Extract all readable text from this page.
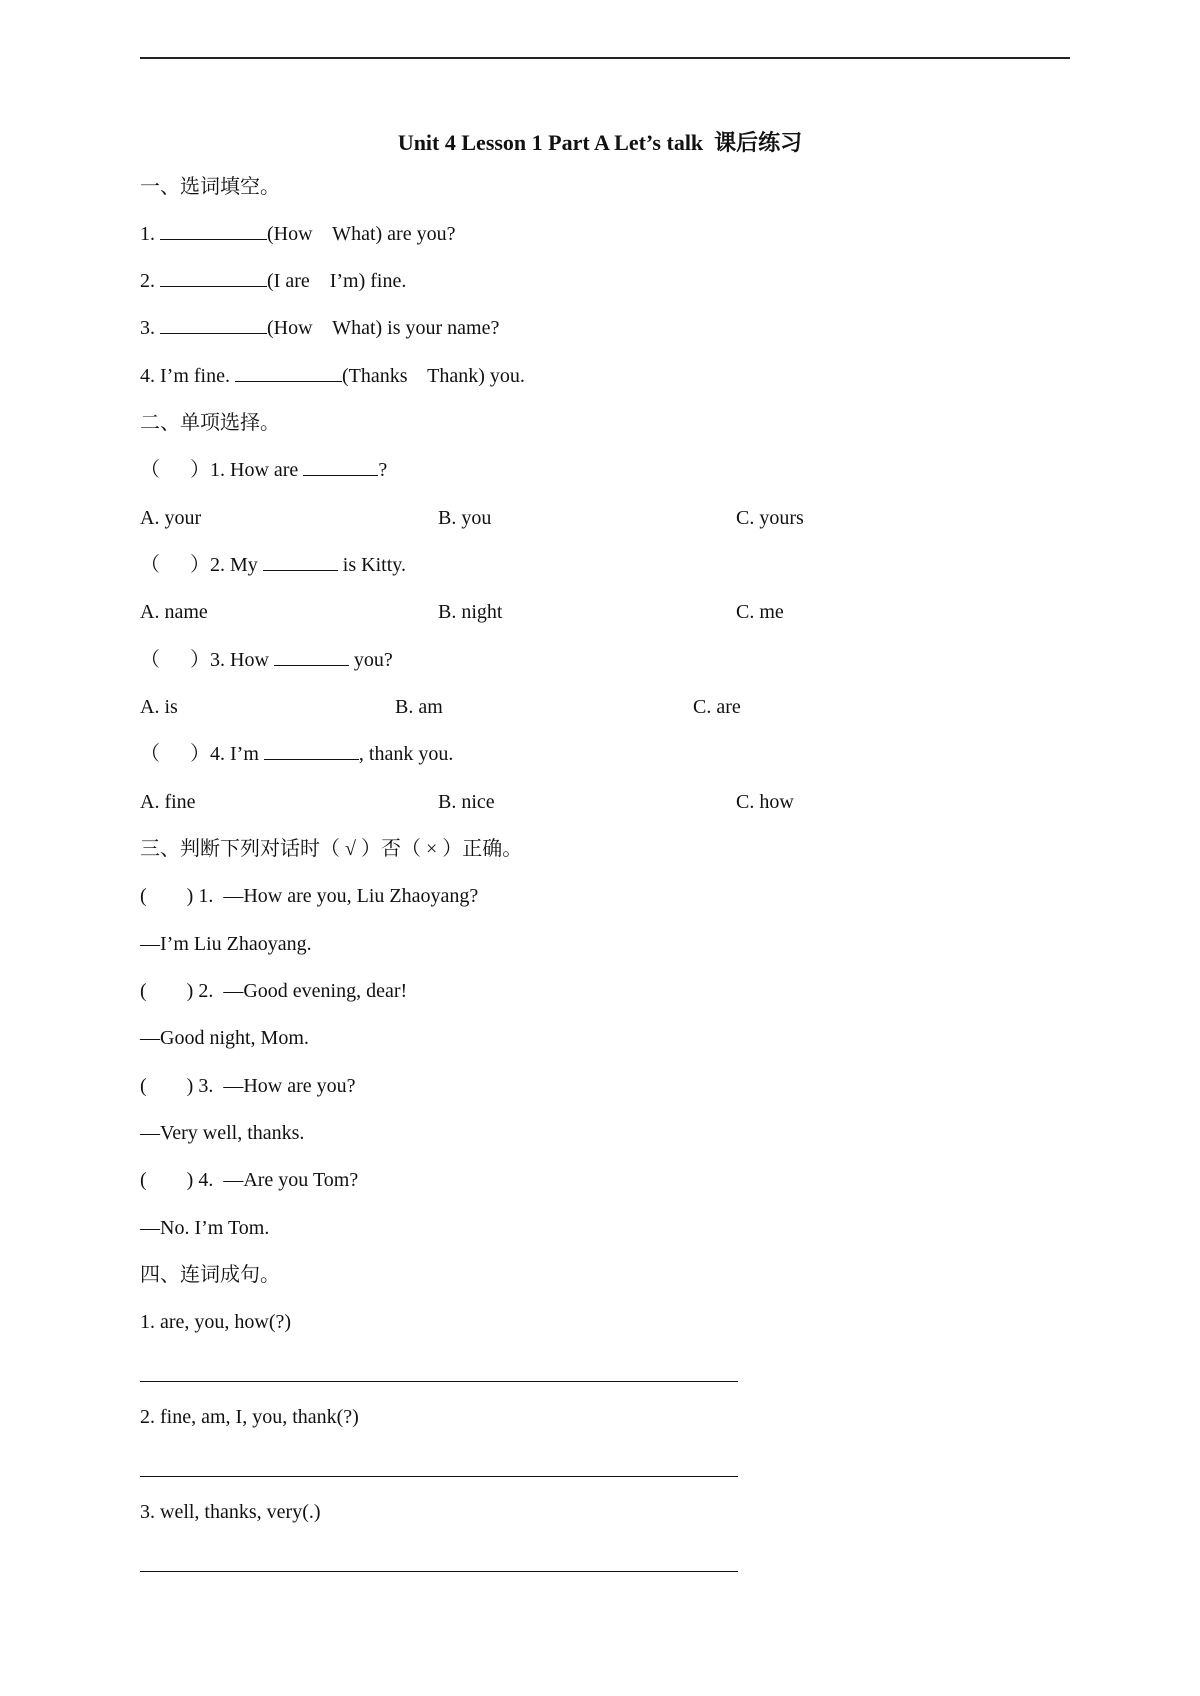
Unit 4 Lesson 1 Part A Let’s talk  课后练习
一、选词填空。
1.	(How    What) are you?
2.	(I are    I’m) fine.
3.	(How    What) is your name?
4. I’m fine.	(Thanks    Thank) you.
二、单项选择。
（      ）1. How are	?
A. your	B. you	C. yours
（      ）2. My	is Kitty.
A. name	B. night	C. me
（      ）3. How	you?
A. is	B. am	C. are
（      ）4. I’m	, thank you.
A. fine	B. nice	C. how
三、判断下列对话时（ √ ）否（ × ）正确。
(        ) 1.  —How are you, Liu Zhaoyang?
—I’m Liu Zhaoyang.
(        ) 2.  —Good evening, dear!
—Good night, Mom.
(        ) 3.  —How are you?
—Very well, thanks.
(        ) 4.  —Are you Tom?
—No. I’m Tom.
四、连词成句。
1. are, you, how(?)
2. fine, am, I, you, thank(?)
3. well, thanks, very(.)
